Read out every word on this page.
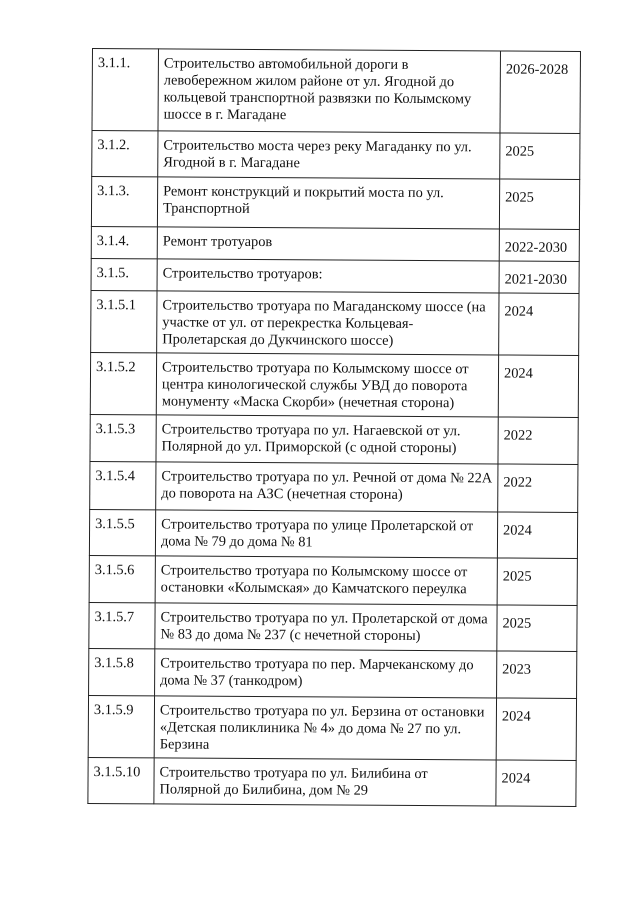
3.1.1.	Строительство автомобильной дороги в левобережном жилом районе от ул. Ягодной до кольцевой транспортной развязки по Колымскому шоссе в г. Магадане	2026-2028
3.1.2.	Строительство моста через реку Магаданку по ул. Ягодной в г. Магадане	2025
3.1.3.	Ремонт конструкций и покрытий моста по ул. Транспортной	2025
3.1.4.	Ремонт тротуаров	2022-2030
3.1.5.	Строительство тротуаров:	2021-2030
3.1.5.1	Строительство тротуара по Магаданскому шоссе (на участке от ул. от перекрестка Кольцевая-Пролетарская до Дукчинского шоссе)	2024
3.1.5.2	Строительство тротуара по Колымскому шоссе от центра кинологической службы УВД до поворота монументу «Маска Скорби» (нечетная сторона)	2024
3.1.5.3	Строительство тротуара по ул. Нагаевской от ул. Полярной до ул. Приморской (с одной стороны)	2022
3.1.5.4	Строительство тротуара по ул. Речной от дома № 22А до поворота на АЗС (нечетная сторона)	2022
3.1.5.5	Строительство тротуара по улице Пролетарской от дома № 79 до дома № 81	2024
3.1.5.6	Строительство тротуара по Колымскому шоссе от остановки «Колымская» до Камчатского переулка	2025
3.1.5.7	Строительство тротуара по ул. Пролетарской от дома № 83 до дома № 237 (с нечетной стороны)	2025
3.1.5.8	Строительство тротуара по пер. Марчеканскому до дома № 37 (танкодром)	2023
3.1.5.9	Строительство тротуара по ул. Берзина от остановки «Детская поликлиника № 4» до дома № 27 по ул. Берзина	2024
3.1.5.10	Строительство тротуара по ул. Билибина от Полярной до Билибина, дом № 29	2024
